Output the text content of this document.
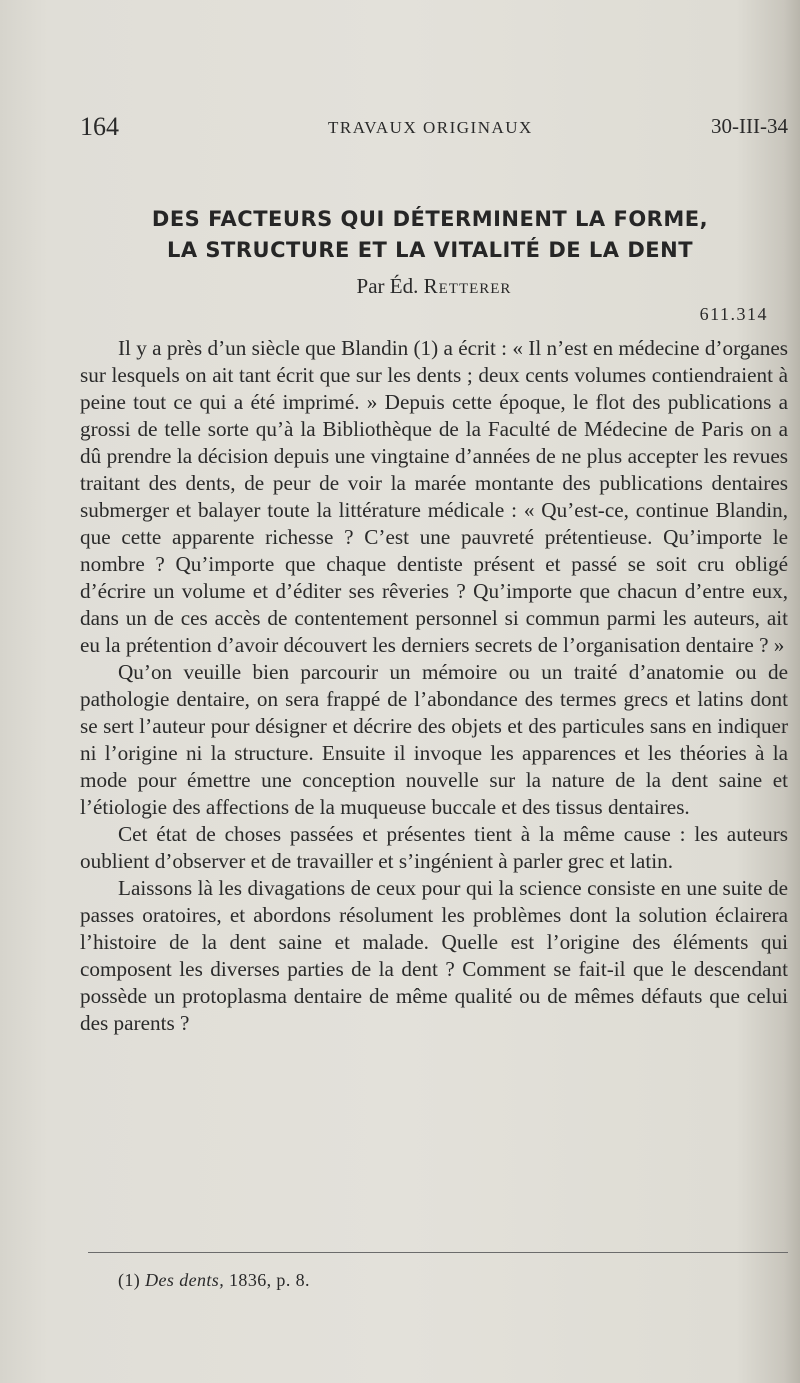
164	TRAVAUX ORIGINAUX	30-III-34
DES FACTEURS QUI DÉTERMINENT LA FORME,
LA STRUCTURE ET LA VITALITÉ DE LA DENT
Par Éd. Retterer
611.314

Il y a près d’un siècle que Blandin (1) a écrit : « Il n’est en médecine d’organes sur lesquels on ait tant écrit que sur les dents ; deux cents volumes contiendraient à peine tout ce qui a été imprimé. » Depuis cette époque, le flot des publications a grossi de telle sorte qu’à la Bibliothèque de la Faculté de Médecine de Paris on a dû prendre la décision depuis une vingtaine d’années de ne plus accepter les revues traitant des dents, de peur de voir la marée montante des publications dentaires submerger et balayer toute la littérature médicale : « Qu’est-ce, continue Blandin, que cette apparente richesse ? C’est une pauvreté prétentieuse. Qu’importe le nombre ? Qu’importe que chaque dentiste présent et passé se soit cru obligé d’écrire un volume et d’éditer ses rêveries ? Qu’importe que chacun d’entre eux, dans un de ces accès de contentement personnel si commun parmi les auteurs, ait eu la prétention d’avoir découvert les derniers secrets de l’organisation dentaire ? »

Qu’on veuille bien parcourir un mémoire ou un traité d’anatomie ou de pathologie dentaire, on sera frappé de l’abondance des termes grecs et latins dont se sert l’auteur pour désigner et décrire des objets et des particules sans en indiquer ni l’origine ni la structure. Ensuite il invoque les apparences et les théories à la mode pour émettre une conception nouvelle sur la nature de la dent saine et l’étiologie des affections de la muqueuse buccale et des tissus dentaires.

Cet état de choses passées et présentes tient à la même cause : les auteurs oublient d’observer et de travailler et s’ingénient à parler grec et latin.

Laissons là les divagations de ceux pour qui la science consiste en une suite de passes oratoires, et abordons résolument les problèmes dont la solution éclairera l’histoire de la dent saine et malade. Quelle est l’origine des éléments qui composent les diverses parties de la dent ? Comment se fait-il que le descendant possède un protoplasma dentaire de même qualité ou de mêmes défauts que celui des parents ?

(1) Des dents, 1836, p. 8.
